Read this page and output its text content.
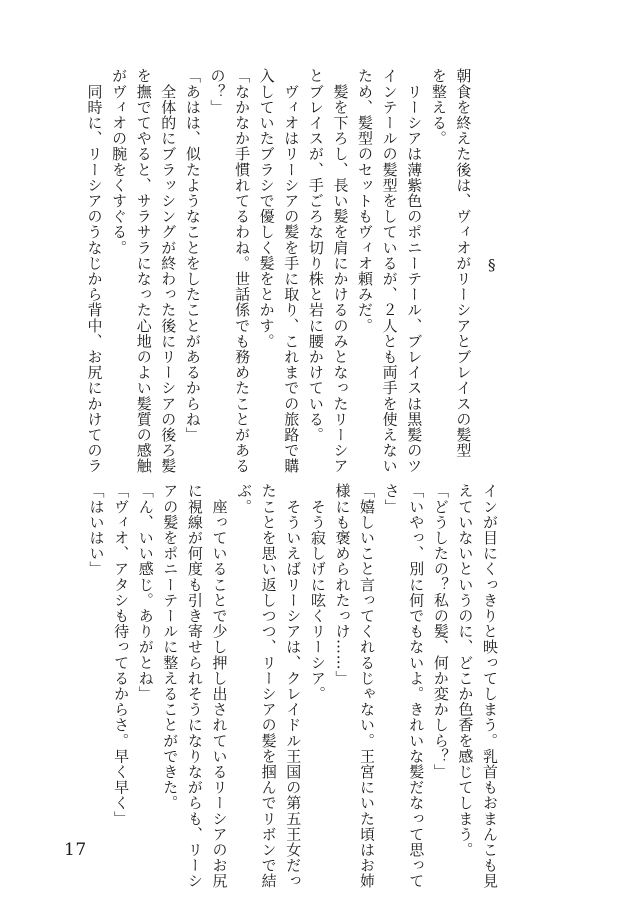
§
朝食を終えた後は、ヴィオがリーシアとブレイスの髪型
を整える。
　リーシアは薄紫色のポニーテール、ブレイスは黒髪のツ
インテールの髪型をしているが、２人とも両手を使えない
ため、髪型のセットもヴィオ頼みだ。
　髪を下ろし、長い髪を肩にかけるのみとなったリーシア
とブレイスが、手ごろな切り株と岩に腰かけている。
　ヴィオはリーシアの髪を手に取り、これまでの旅路で購
入していたブラシで優しく髪をとかす。
「なかなか手慣れてるわね。世話係でも務めたことがある
の？」
「あはは、似たようなことをしたことがあるからね」
　全体的にブラッシングが終わった後にリーシアの後ろ髪
を撫でてやると、サラサラになった心地のよい髪質の感触
がヴィオの腕をくすぐる。
　同時に、リーシアのうなじから背中、お尻にかけてのラ
インが目にくっきりと映ってしまう。乳首もおまんこも見
えていないというのに、どこか色香を感じてしまう。
「どうしたの？私の髪、何か変かしら？」
「いやっ、別に何でもないよ。きれいな髪だなって思って
さ」
「嬉しいこと言ってくれるじゃない。王宮にいた頃はお姉
様にも褒められたっけ……」
　そう寂しげに呟くリーシア。
　そういえばリーシアは、クレイドル王国の第五王女だっ
たことを思い返しつつ、リーシアの髪を掴んでリボンで結
ぶ。
　座っていることで少し押し出されているリーシアのお尻
に視線が何度も引き寄せられそうになりながらも、リーシ
アの髪をポニーテールに整えることができた。
「ん、いい感じ。ありがとね」
「ヴィオ、アタシも待ってるからさ。早く早く」
「はいはい」
17
